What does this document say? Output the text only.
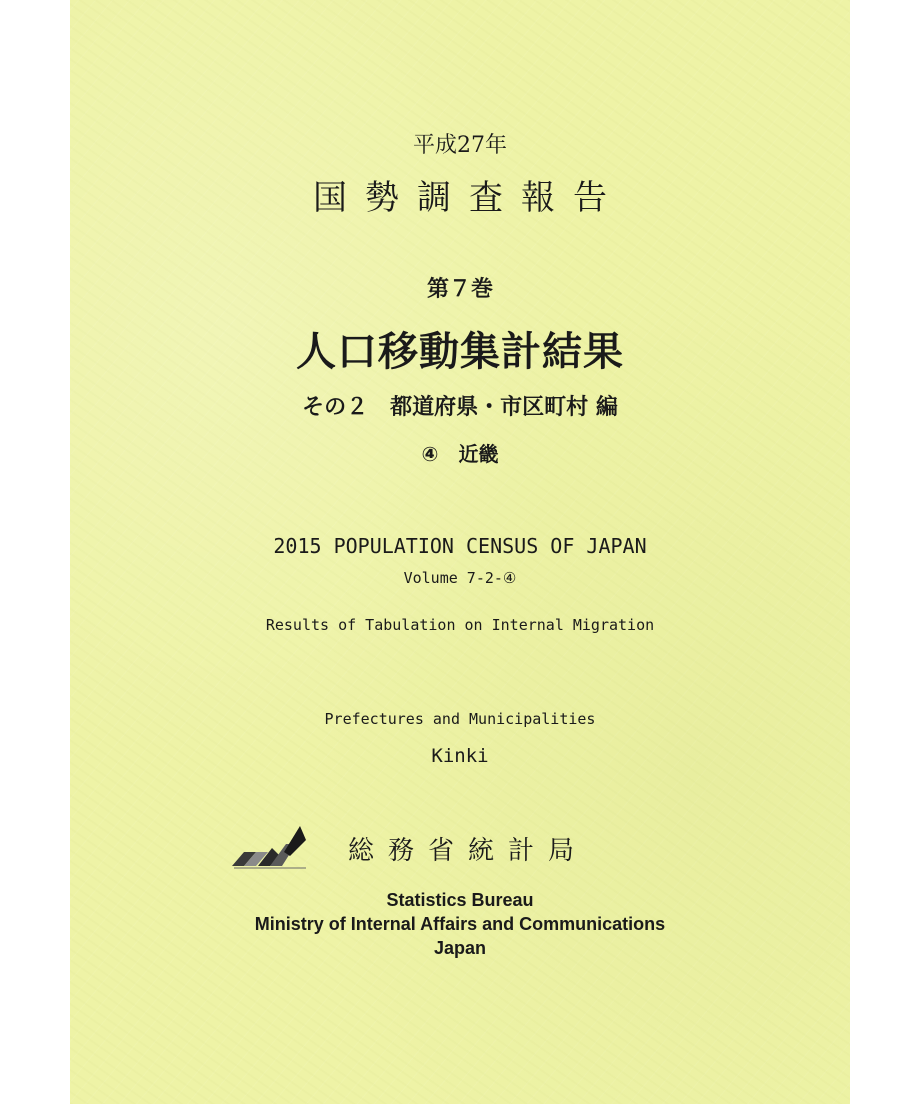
平成27年
国勢調査報告
第７巻
人口移動集計結果
その２　都道府県・市区町村 編
④　近畿
2015 POPULATION CENSUS OF JAPAN
Volume 7-2-④
Results of Tabulation on Internal Migration
Prefectures and Municipalities
Kinki
総務省統計局
Statistics Bureau
Ministry of Internal Affairs and Communications
Japan
